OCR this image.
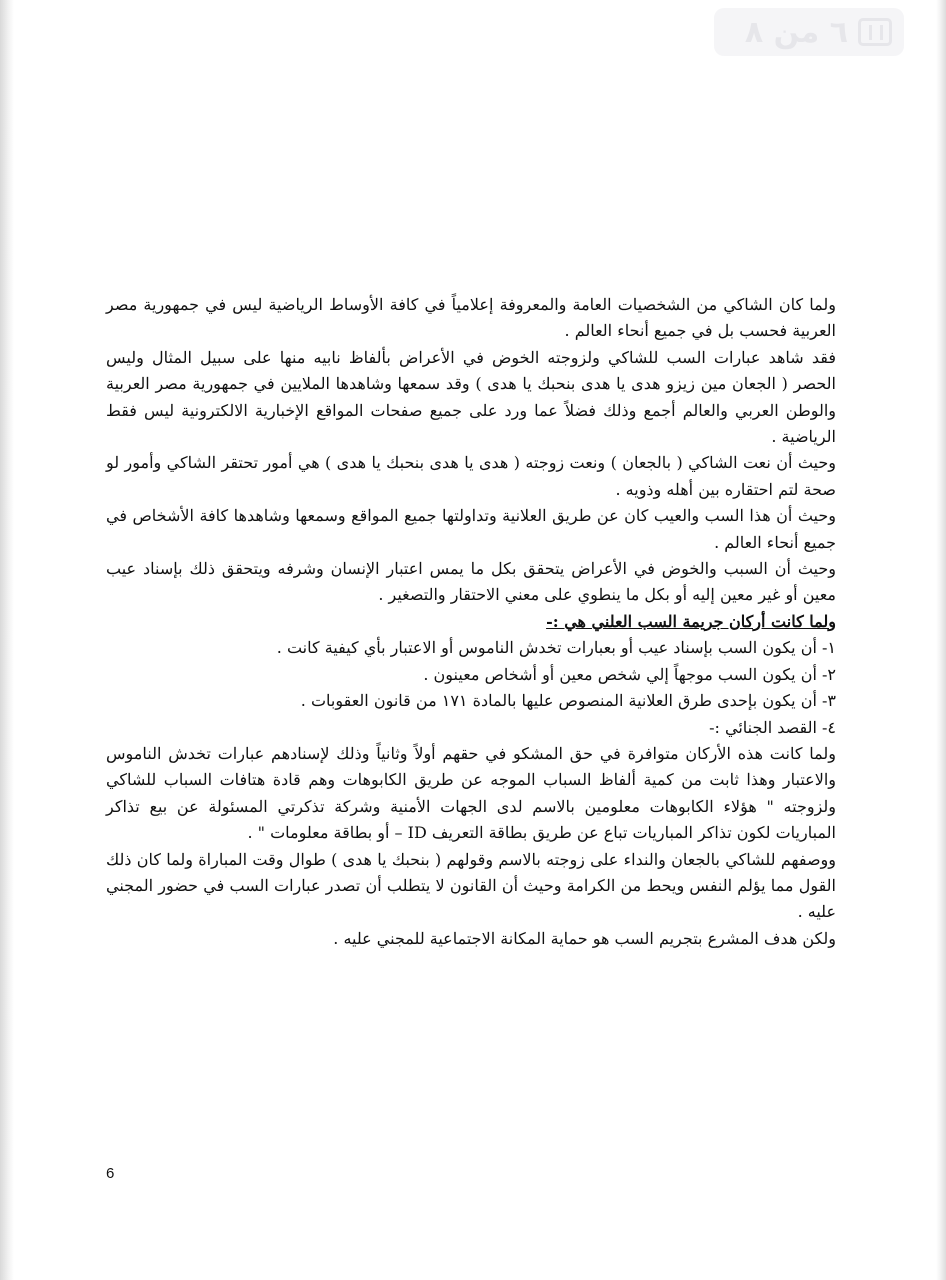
٦ من ٨

ولما كان الشاكي من الشخصيات العامة والمعروفة إعلامياً في كافة الأوساط الرياضية ليس في جمهورية مصر العربية فحسب بل في جميع أنحاء العالم .

فقد شاهد عبارات السب للشاكي ولزوجته الخوض في الأعراض بألفاظ نابيه منها على سبيل المثال وليس الحصر ( الجعان مين زيزو هدى يا هدى بنحبك يا هدى ) وقد سمعها وشاهدها الملايين في جمهورية مصر العربية والوطن العربي والعالم أجمع وذلك فضلاً عما ورد على جميع صفحات المواقع الإخبارية الالكترونية ليس فقط الرياضية .

وحيث أن نعت الشاكي ( بالجعان ) ونعت زوجته ( هدى يا هدى بنحبك يا هدى ) هي أمور تحتقر الشاكي وأمور لو صحة لتم احتقاره بين أهله وذويه .

وحيث أن هذا السب والعيب كان عن طريق العلانية وتداولتها جميع المواقع وسمعها وشاهدها كافة الأشخاص في جميع أنحاء العالم .

وحيث أن السبب والخوض في الأعراض يتحقق بكل ما يمس اعتبار الإنسان وشرفه ويتحقق ذلك بإسناد عيب معين أو غير معين إليه أو بكل ما ينطوي على معني الاحتقار والتصغير .

ولما كانت أركان جريمة السب العلني هي :-

١- أن يكون السب بإسناد عيب أو بعبارات تخدش الناموس أو الاعتبار بأي كيفية كانت .

٢- أن يكون السب موجهاً إلي شخص معين أو أشخاص معينون .

٣- أن يكون بإحدى طرق العلانية المنصوص عليها بالمادة ١٧١ من قانون العقوبات .

٤- القصد الجنائي :-

ولما كانت هذه الأركان متوافرة في حق المشكو في حقهم أولاً وثانياً وذلك لإسنادهم عبارات تخدش الناموس والاعتبار وهذا ثابت من كمية ألفاظ السباب الموجه عن طريق الكابوهات وهم قادة هتافات السباب للشاكي ولزوجته " هؤلاء الكابوهات معلومين بالاسم لدى الجهات الأمنية وشركة تذكرتي المسئولة عن بيع تذاكر المباريات لكون تذاكر المباريات تباع عن طريق بطاقة التعريف ID – أو بطاقة معلومات " .

ووصفهم للشاكي بالجعان والنداء على زوجته بالاسم وقولهم ( بنحبك يا هدى ) طوال وقت المباراة ولما كان ذلك القول مما يؤلم النفس ويحط من الكرامة وحيث أن القانون لا يتطلب أن تصدر عبارات السب في حضور المجني عليه .

ولكن هدف المشرع بتجريم السب هو حماية المكانة الاجتماعية للمجني عليه .

6
